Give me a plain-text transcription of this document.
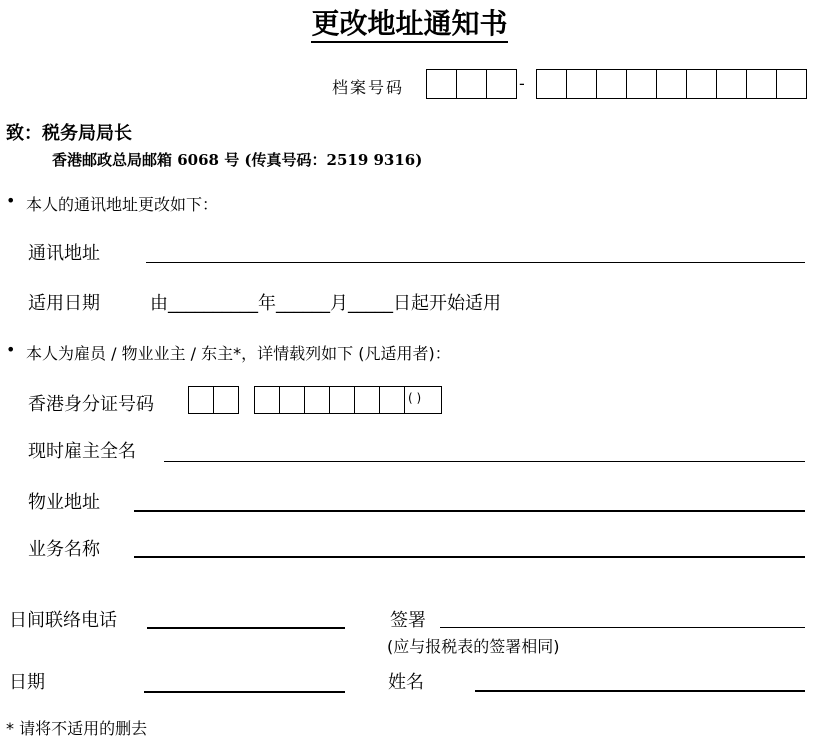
更改地址通知书
档案号码	-
致：税务局局长
香港邮政总局邮箱 6068 号 (传真号码：2519 9316)
• 本人的通讯地址更改如下：
通讯地址
适用日期	由__________年______月_____日起开始适用
• 本人为雇员 / 物业业主 / 东主*，详情载列如下 (凡适用者)：
香港身分证号码	( )
现时雇主全名
物业地址
业务名称
日间联络电话	签署
(应与报税表的签署相同)
日期	姓名
* 请将不适用的删去
